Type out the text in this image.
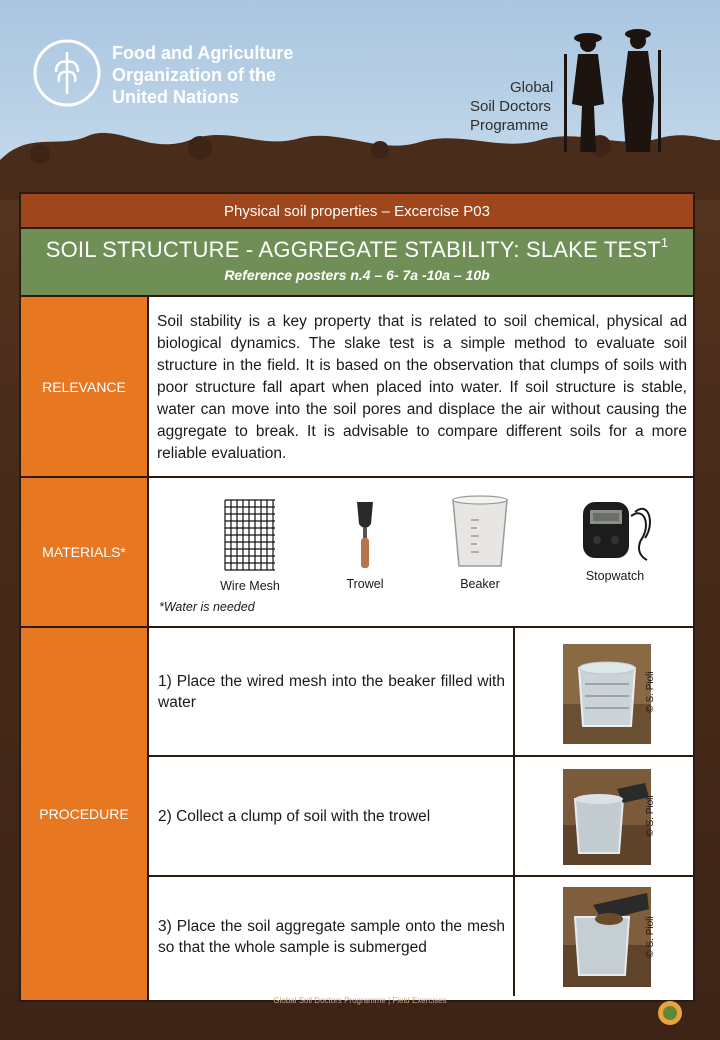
Food and Agriculture
Organization of the
United Nations	Global
Soil Doctors
Programme
Physical soil properties – Excercise P03
SOIL STRUCTURE - AGGREGATE STABILITY: SLAKE TEST$^1$
Reference posters n.4 – 6- 7a -10a – 10b
RELEVANCE
Soil stability is a key property that is related to soil chemical, physical ad biological dynamics. The slake test is a simple method to evaluate soil structure in the field. It is based on the observation that clumps of soils with poor structure fall apart when placed into water. If soil structure is stable, water can move into the soil pores and displace the air without causing the aggregate to break. It is advisable to compare different soils for a more reliable evaluation.
MATERIALS*
Wire Mesh	Trowel	Beaker
Stopwatch
*Water is needed
PROCEDURE
1) Place the wired mesh into the beaker filled with water	© S. Pioli
2) Collect a clump of soil with the trowel	© S. Pioli
3) Place the soil aggregate sample onto the mesh so that the whole sample is submerged	© S. Pioli
Global Soil Doctors Programme | Field Exercises
